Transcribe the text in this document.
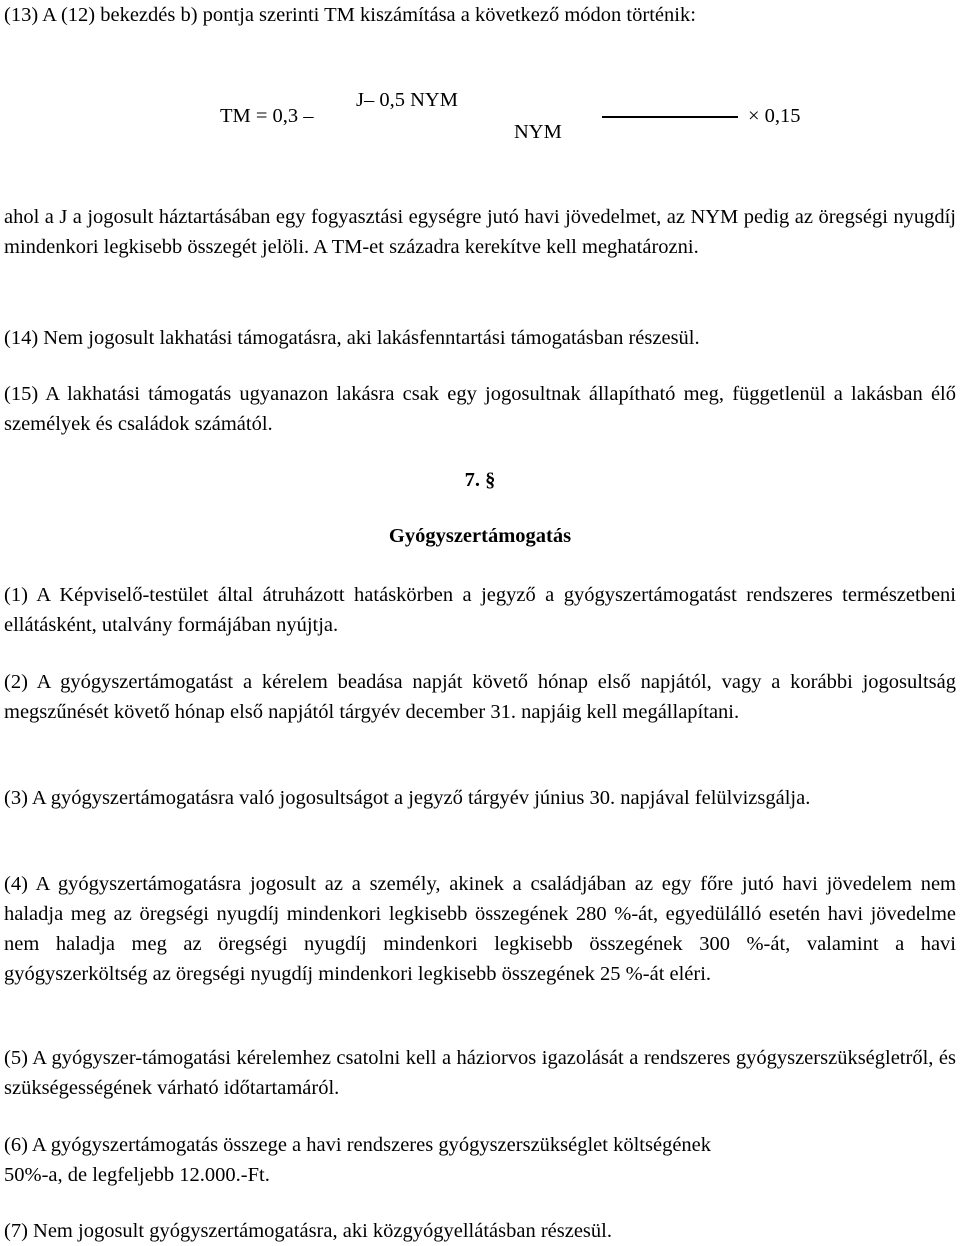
(13) A (12) bekezdés b) pontja szerinti TM kiszámítása a következő módon történik:

TM = 0,3 –
J– 0,5 NYM
NYM
× 0,15

ahol a J a jogosult háztartásában egy fogyasztási egységre jutó havi jövedelmet, az NYM pedig az öregségi nyugdíj mindenkori legkisebb összegét jelöli. A TM-et századra kerekítve kell meghatározni.

(14) Nem jogosult lakhatási támogatásra, aki lakásfenntartási támogatásban részesül.

(15) A lakhatási támogatás ugyanazon lakásra csak egy jogosultnak állapítható meg, függetlenül a lakásban élő személyek és családok számától.

7. §

Gyógyszertámogatás

(1) A Képviselő-testület által átruházott hatáskörben a jegyző a gyógyszertámogatást rendszeres természetbeni ellátásként, utalvány formájában nyújtja.

(2) A gyógyszertámogatást a kérelem beadása napját követő hónap első napjától, vagy a korábbi jogosultság megszűnését követő hónap első napjától tárgyév december 31. napjáig kell megállapítani.

(3) A gyógyszertámogatásra való jogosultságot a jegyző tárgyév június 30. napjával felülvizsgálja.

(4) A gyógyszertámogatásra jogosult az a személy, akinek a családjában az egy főre jutó havi jövedelem nem haladja meg az öregségi nyugdíj mindenkori legkisebb összegének 280 %-át, egyedülálló esetén havi jövedelme nem haladja meg az öregségi nyugdíj mindenkori legkisebb összegének 300 %-át, valamint a havi gyógyszerköltség az öregségi nyugdíj mindenkori legkisebb összegének 25 %-át eléri.

(5) A gyógyszer-támogatási kérelemhez csatolni kell a háziorvos igazolását a rendszeres gyógyszerszükségletről, és szükségességének várható időtartamáról.

(6) A gyógyszertámogatás összege a havi rendszeres gyógyszerszükséglet költségének

50%-a, de legfeljebb 12.000.-Ft.

(7) Nem jogosult gyógyszertámogatásra, aki közgyógyellátásban részesül.
